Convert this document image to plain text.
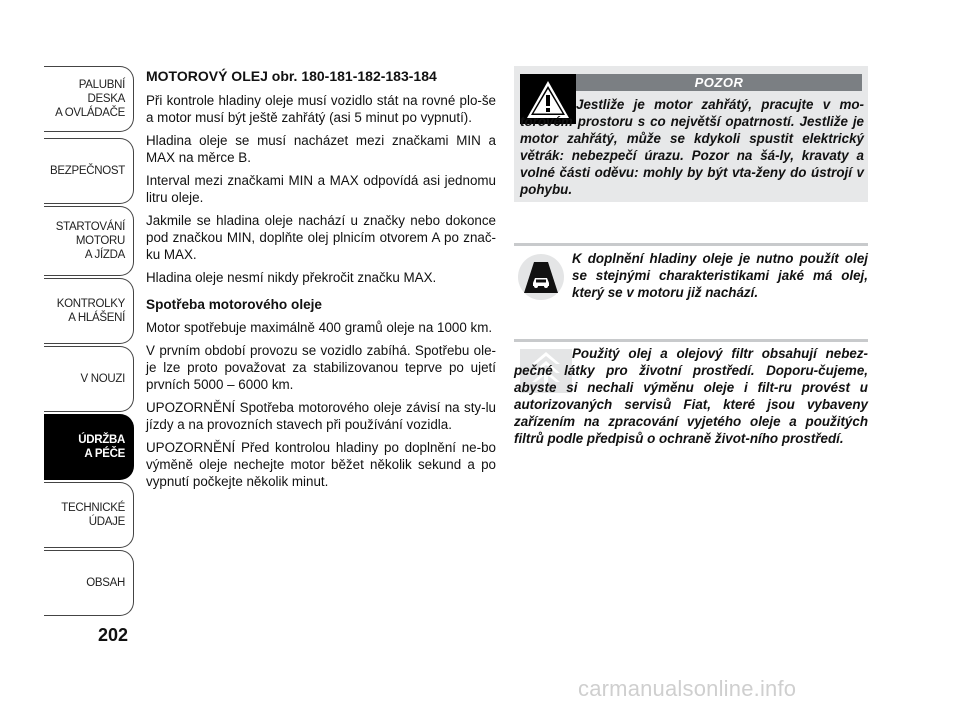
PALUBNÍ DESKA
A OVLÁDAČE
BEZPEČNOST
STARTOVÁNÍ
MOTORU
A JÍZDA
KONTROLKY
A HLÁŠENÍ
V NOUZI
ÚDRŽBA
A PÉČE
TECHNICKÉ
ÚDAJE
OBSAH
202
MOTOROVÝ OLEJ obr. 180-181-182-183-184

Při kontrole hladiny oleje musí vozidlo stát na rovné plo-še a motor musí být ještě zahřátý (asi 5 minut po vypnutí).

Hladina oleje se musí nacházet mezi značkami MIN a MAX na měrce B.

Interval mezi značkami MIN a MAX odpovídá asi jednomu litru oleje.

Jakmile se hladina oleje nachází u značky nebo dokonce pod značkou MIN, doplňte olej plnicím otvorem A po znač-ku MAX.

Hladina oleje nesmí nikdy překročit značku MAX.

Spotřeba motorového oleje

Motor spotřebuje maximálně 400 gramů oleje na 1000 km.

V prvním období provozu se vozidlo zabíhá. Spotřebu ole-je lze proto považovat za stabilizovanou teprve po ujetí prvních 5000 – 6000 km.

UPOZORNĚNÍ Spotřeba motorového oleje závisí na sty-lu jízdy a na provozních stavech při používání vozidla.

UPOZORNĚNÍ Před kontrolou hladiny po doplnění ne-bo výměně oleje nechejte motor běžet několik sekund a po vypnutí počkejte několik minut.

POZOR
Jestliže je motor zahřátý, pracujte v mo-torovém prostoru s co největší opatrností. Jestliže je motor zahřátý, může se kdykoli spustit elektrický větrák: nebezpečí úrazu. Pozor na šá-ly, kravaty a volné části oděvu: mohly by být vta-ženy do ústrojí v pohybu.
K doplnění hladiny oleje je nutno použít olej se stejnými charakteristikami jaké má olej, který se v motoru již nachází.
Použitý olej a olejový filtr obsahují nebez-pečné látky pro životní prostředí. Doporu-čujeme, abyste si nechali výměnu oleje i filt-ru provést u autorizovaných servisů Fiat, které jsou vybaveny zařízením na zpracování vyjetého oleje a použitých filtrů podle předpisů o ochraně život-ního prostředí.
carmanualsonline.info
